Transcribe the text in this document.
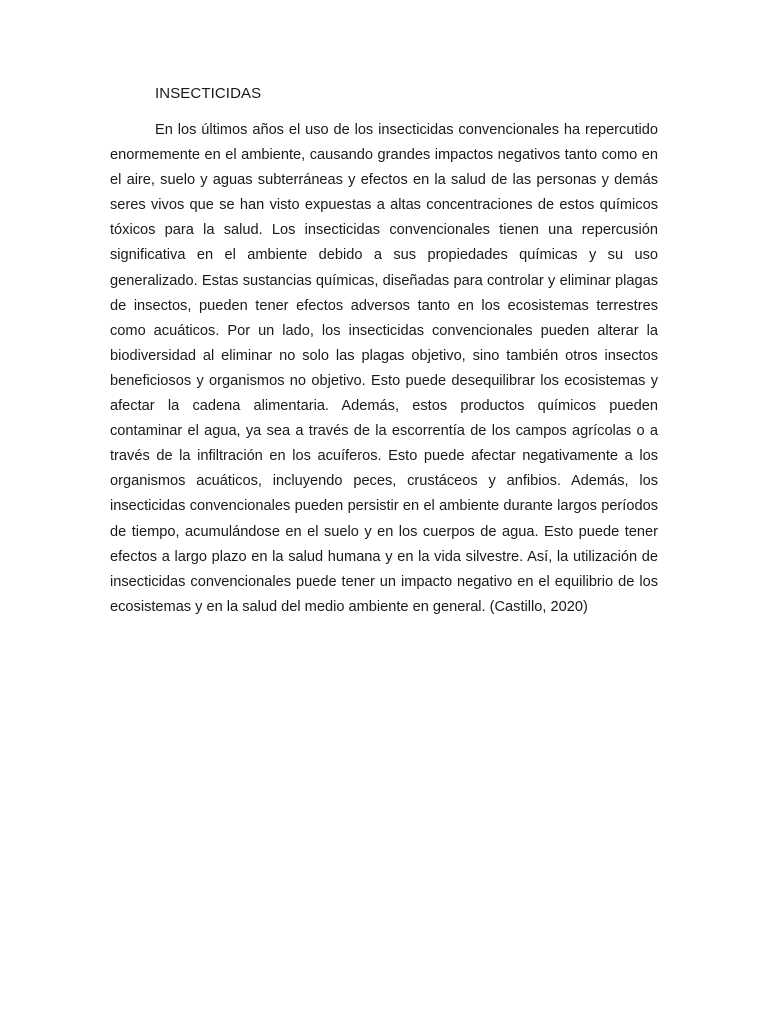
INSECTICIDAS

En los últimos años el uso de los insecticidas convencionales ha repercutido enormemente en el ambiente, causando grandes impactos negativos tanto como en el aire, suelo y aguas subterráneas y efectos en la salud de las personas y demás seres vivos que se han visto expuestas a altas concentraciones de estos químicos tóxicos para la salud. Los insecticidas convencionales tienen una repercusión significativa en el ambiente debido a sus propiedades químicas y su uso generalizado. Estas sustancias químicas, diseñadas para controlar y eliminar plagas de insectos, pueden tener efectos adversos tanto en los ecosistemas terrestres como acuáticos. Por un lado, los insecticidas convencionales pueden alterar la biodiversidad al eliminar no solo las plagas objetivo, sino también otros insectos beneficiosos y organismos no objetivo. Esto puede desequilibrar los ecosistemas y afectar la cadena alimentaria. Además, estos productos químicos pueden contaminar el agua, ya sea a través de la escorrentía de los campos agrícolas o a través de la infiltración en los acuíferos. Esto puede afectar negativamente a los organismos acuáticos, incluyendo peces, crustáceos y anfibios. Además, los insecticidas convencionales pueden persistir en el ambiente durante largos períodos de tiempo, acumulándose en el suelo y en los cuerpos de agua. Esto puede tener efectos a largo plazo en la salud humana y en la vida silvestre. Así, la utilización de insecticidas convencionales puede tener un impacto negativo en el equilibrio de los ecosistemas y en la salud del medio ambiente en general. (Castillo, 2020)
